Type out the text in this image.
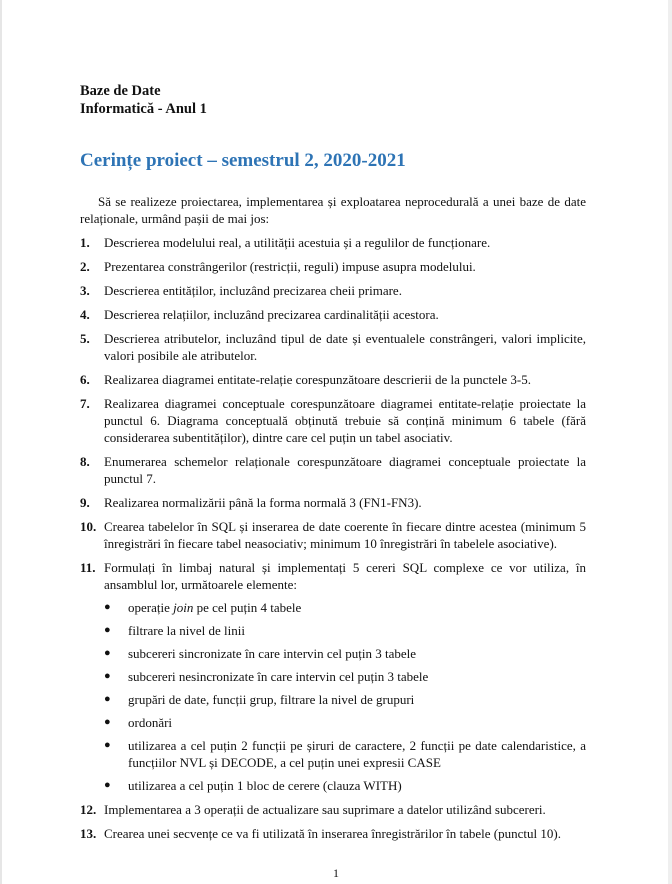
Baze de Date
Informatică - Anul 1
Cerințe proiect – semestrul 2, 2020-2021
Să se realizeze proiectarea, implementarea și exploatarea neprocedurală a unei baze de date relaționale, urmând pașii de mai jos:
1.	Descrierea modelului real, a utilității acestuia și a regulilor de funcționare.
2.	Prezentarea constrângerilor (restricții, reguli) impuse asupra modelului.
3.	Descrierea entităților, incluzând precizarea cheii primare.
4.	Descrierea relațiilor, incluzând precizarea cardinalității acestora.
5.	Descrierea atributelor, incluzând tipul de date și eventualele constrângeri, valori implicite, valori posibile ale atributelor.
6.	Realizarea diagramei entitate-relație corespunzătoare descrierii de la punctele 3-5.
7.	Realizarea diagramei conceptuale corespunzătoare diagramei entitate-relație proiectate la punctul 6. Diagrama conceptuală obținută trebuie să conțină minimum 6 tabele (fără considerarea subentităților), dintre care cel puțin un tabel asociativ.
8.	Enumerarea schemelor relaționale corespunzătoare diagramei conceptuale proiectate la punctul 7.
9.	Realizarea normalizării până la forma normală 3 (FN1-FN3).
10. Crearea tabelelor în SQL și inserarea de date coerente în fiecare dintre acestea (minimum 5 înregistrări în fiecare tabel neasociativ; minimum 10 înregistrări în tabelele asociative).
11. Formulați în limbaj natural și implementați 5 cereri SQL complexe ce vor utiliza, în ansamblul lor, următoarele elemente:
●	operație join pe cel puțin 4 tabele
●	filtrare la nivel de linii
●	subcereri sincronizate în care intervin cel puțin 3 tabele
●	subcereri nesincronizate în care intervin cel puțin 3 tabele
●	grupări de date, funcții grup, filtrare la nivel de grupuri
●	ordonări
●	utilizarea a cel puțin 2 funcții pe șiruri de caractere, 2 funcții pe date calendaristice, a funcțiilor NVL și DECODE, a cel puțin unei expresii CASE
●	utilizarea a cel puțin 1 bloc de cerere (clauza WITH)
12. Implementarea a 3 operații de actualizare sau suprimare a datelor utilizând subcereri.
13. Crearea unei secvențe ce va fi utilizată în inserarea înregistrărilor în tabele (punctul 10).
1
